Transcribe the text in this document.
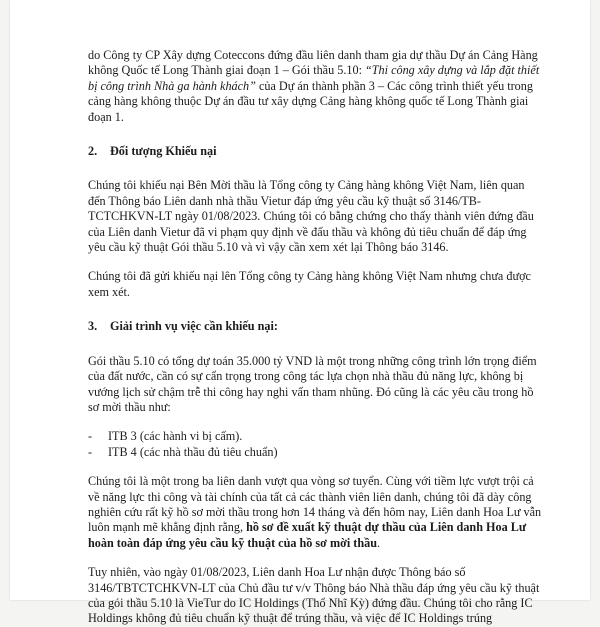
do Công ty CP Xây dựng Coteccons đứng đầu liên danh tham gia dự thầu Dự án Cảng Hàng không Quốc tế Long Thành giai đoạn 1 – Gói thầu 5.10: “Thi công xây dựng và lắp đặt thiết bị công trình Nhà ga hành khách” của Dự án thành phần 3 – Các công trình thiết yếu trong cảng hàng không thuộc Dự án đầu tư xây dựng Cảng hàng không quốc tế Long Thành giai đoạn 1.

2. Đối tượng Khiếu nại

Chúng tôi khiếu nại Bên Mời thầu là Tổng công ty Cảng hàng không Việt Nam, liên quan đến Thông báo Liên danh nhà thầu Vietur đáp ứng yêu cầu kỹ thuật số 3146/TB-TCTCHKVN-LT ngày 01/08/2023. Chúng tôi có bằng chứng cho thấy thành viên đứng đầu của Liên danh Vietur đã vi phạm quy định về đấu thầu và không đủ tiêu chuẩn để đáp ứng yêu cầu kỹ thuật Gói thầu 5.10 và vì vậy cần xem xét lại Thông báo 3146.

Chúng tôi đã gửi khiếu nại lên Tổng công ty Cảng hàng không Việt Nam nhưng chưa được xem xét.

3. Giải trình vụ việc cần khiếu nại:

Gói thầu 5.10 có tổng dự toán 35.000 tỷ VND là một trong những công trình lớn trọng điểm của đất nước, cần có sự cẩn trọng trong công tác lựa chọn nhà thầu đủ năng lực, không bị vướng lịch sử chậm trễ thi công hay nghi vấn tham nhũng. Đó cũng là các yêu cầu trong hồ sơ mời thầu như:

-	ITB 3 (các hành vi bị cấm).
-	ITB 4 (các nhà thầu đủ tiêu chuẩn)

Chúng tôi là một trong ba liên danh vượt qua vòng sơ tuyển. Cùng với tiềm lực vượt trội cả về năng lực thi công và tài chính của tất cả các thành viên liên danh, chúng tôi đã dày công nghiên cứu rất kỹ hồ sơ mời thầu trong hơn 14 tháng và đến hôm nay, Liên danh Hoa Lư vẫn luôn mạnh mẽ khẳng định rằng, hồ sơ đề xuất kỹ thuật dự thầu của Liên danh Hoa Lư hoàn toàn đáp ứng yêu cầu kỹ thuật của hồ sơ mời thầu.

Tuy nhiên, vào ngày 01/08/2023, Liên danh Hoa Lư nhận được Thông báo số 3146/TBTCTCHKVN-LT của Chủ đầu tư v/v Thông báo Nhà thầu đáp ứng yêu cầu kỹ thuật của gói thầu 5.10 là VieTur do IC Holdings (Thổ Nhĩ Kỳ) đứng đầu. Chúng tôi cho rằng IC Holdings không đủ tiêu chuẩn kỹ thuật để trúng thầu, và việc để IC Holdings trúng
